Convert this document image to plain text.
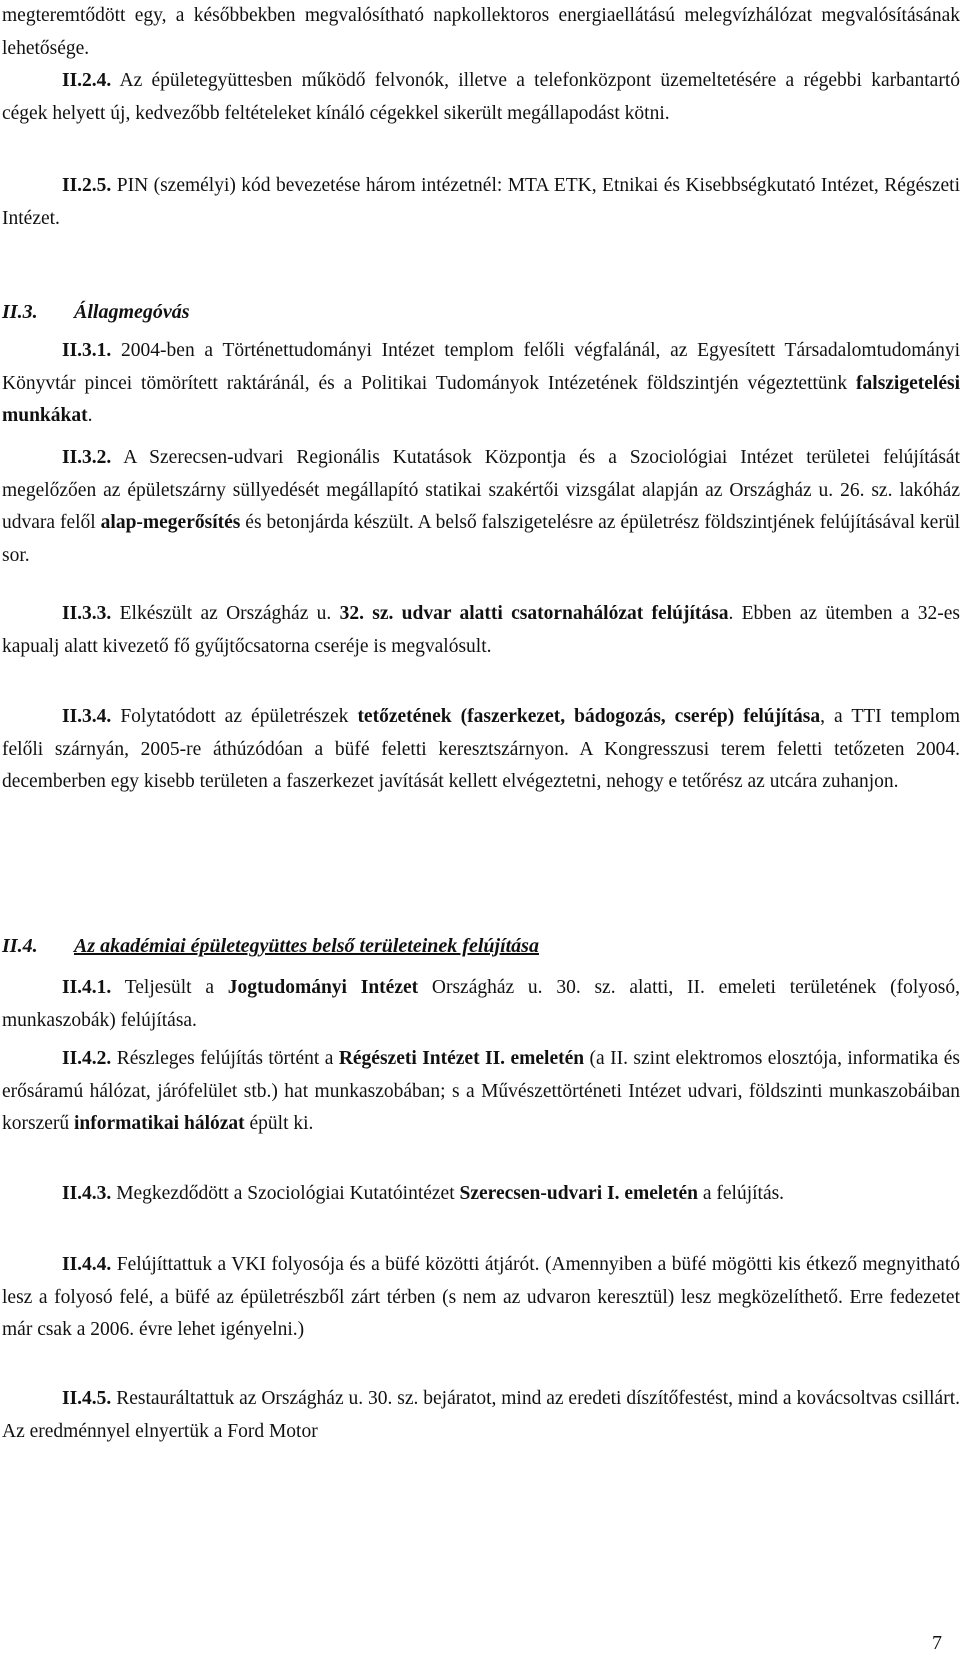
II.3. Állagmegóvás
II.4. Az akadémiai épületegyüttes belső területeinek felújítása
megteremtődött egy, a későbbekben megvalósítható napkollektoros energiaellátású melegvízhálózat megvalósításának lehetősége.
II.2.4. Az épületegyüttesben működő felvonók, illetve a telefonközpont üzemeltetésére a régebbi karbantartó cégek helyett új, kedvezőbb feltételeket kínáló cégekkel sikerült megállapodást kötni.
II.2.5. PIN (személyi) kód bevezetése három intézetnél: MTA ETK, Etnikai és Kisebbségkutató Intézet, Régészeti Intézet.
II.3.1. 2004-ben a Történettudományi Intézet templom felőli végfalánál, az Egyesített Társadalomtudományi Könyvtár pincei tömörített raktáránál, és a Politikai Tudományok Intézetének földszintjén végeztettünk falszigetelési munkákat.
II.3.2. A Szerecsen-udvari Regionális Kutatások Központja és a Szociológiai Intézet területei felújítását megelőzően az épületszárny süllyedését megállapító statikai szakértői vizsgálat alapján az Országház u. 26. sz. lakóház udvara felől alap-megerősítés és betonjárda készült. A belső falszigetelésre az épületrész földszintjének felújításával kerül sor.
II.3.3. Elkészült az Országház u. 32. sz. udvar alatti csatornahálózat felújítása. Ebben az ütemben a 32-es kapualj alatt kivezető fő gyűjtőcsatorna cseréje is megvalósult.
II.3.4. Folytatódott az épületrészek tetőzetének (faszerkezet, bádogozás, cserép) felújítása, a TTI templom felőli szárnyán, 2005-re áthúzódóan a büfé feletti keresztszárnyon. A Kongresszusi terem feletti tetőzeten 2004. decemberben egy kisebb területen a faszerkezet javítását kellett elvégeztetni, nehogy e tetőrész az utcára zuhanjon.
II.4.1. Teljesült a Jogtudományi Intézet Országház u. 30. sz. alatti, II. emeleti területének (folyosó, munkaszobák) felújítása.
II.4.2. Részleges felújítás történt a Régészeti Intézet II. emeletén (a II. szint elektromos elosztója, informatika és erősáramú hálózat, járófelület stb.) hat munkaszobában; s a Művészettörténeti Intézet udvari, földszinti munkaszobáiban korszerű informatikai hálózat épült ki.
II.4.3. Megkezdődött a Szociológiai Kutatóintézet Szerecsen-udvari I. emeletén a felújítás.
II.4.4. Felújíttattuk a VKI folyosója és a büfé közötti átjárót. (Amennyiben a büfé mögötti kis étkező megnyitható lesz a folyosó felé, a büfé az épületrészből zárt térben (s nem az udvaron keresztül) lesz megközelíthető. Erre fedezetet már csak a 2006. évre lehet igényelni.)
II.4.5. Restauráltattuk az Országház u. 30. sz. bejáratot, mind az eredeti díszítőfestést, mind a kovácsoltvas csillárt. Az eredménnyel elnyertük a Ford Motor
7
